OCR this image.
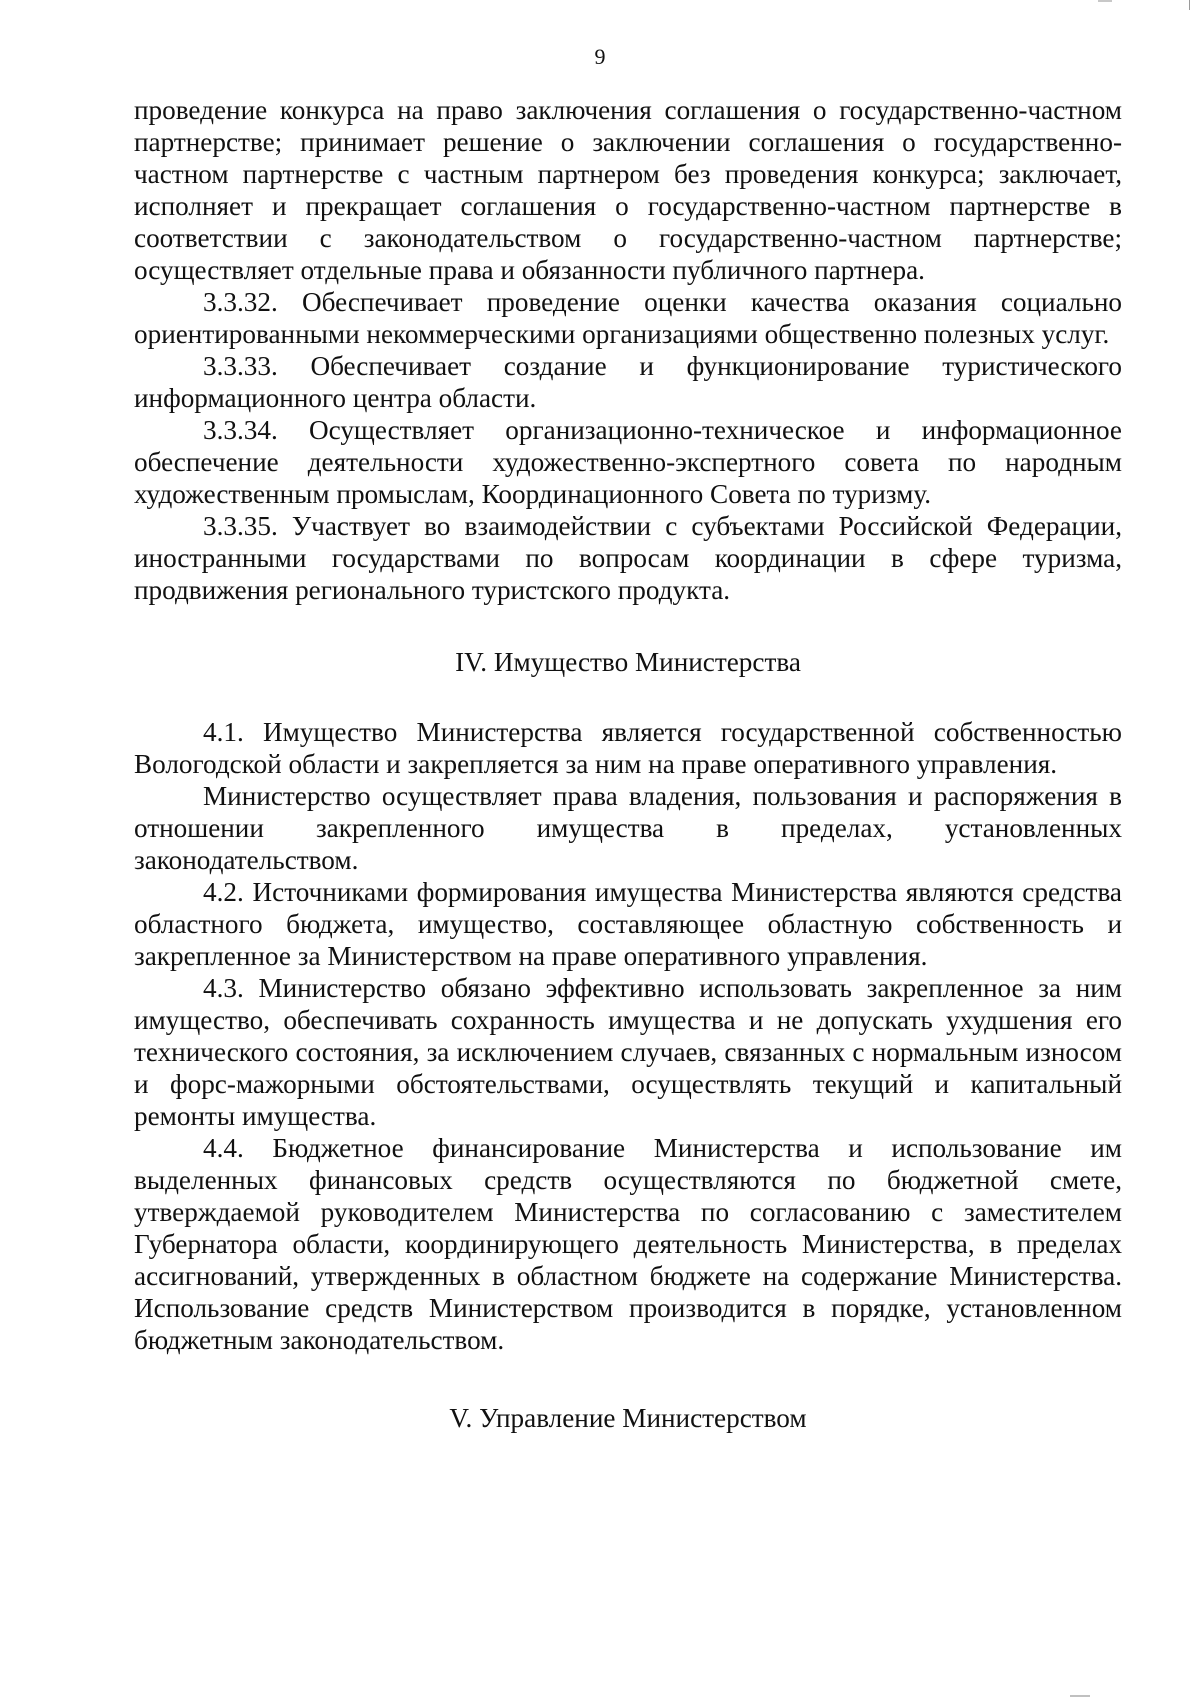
9

проведение конкурса на право заключения соглашения о государственно-частном партнерстве; принимает решение о заключении соглашения о государственно-частном партнерстве с частным партнером без проведения конкурса; заключает, исполняет и прекращает соглашения о государственно-частном партнерстве в соответствии с законодательством о государственно-частном партнерстве; осуществляет отдельные права и обязанности публичного партнера.

3.3.32. Обеспечивает проведение оценки качества оказания социально ориентированными некоммерческими организациями общественно полезных услуг.

3.3.33. Обеспечивает создание и функционирование туристического информационного центра области.

3.3.34. Осуществляет организационно-техническое и информационное обеспечение деятельности художественно-экспертного совета по народным художественным промыслам, Координационного Совета по туризму.

3.3.35. Участвует во взаимодействии с субъектами Российской Федерации, иностранными государствами по вопросам координации в сфере туризма, продвижения регионального туристского продукта.

IV. Имущество Министерства

4.1. Имущество Министерства является государственной собственностью Вологодской области и закрепляется за ним на праве оперативного управления.

Министерство осуществляет права владения, пользования и распоряжения в отношении закрепленного имущества в пределах, установленных законодательством.

4.2. Источниками формирования имущества Министерства являются средства областного бюджета, имущество, составляющее областную собственность и закрепленное за Министерством на праве оперативного управления.

4.3. Министерство обязано эффективно использовать закрепленное за ним имущество, обеспечивать сохранность имущества и не допускать ухудшения его технического состояния, за исключением случаев, связанных с нормальным износом и форс-мажорными обстоятельствами, осуществлять текущий и капитальный ремонты имущества.

4.4. Бюджетное финансирование Министерства и использование им выделенных финансовых средств осуществляются по бюджетной смете, утверждаемой руководителем Министерства по согласованию с заместителем Губернатора области, координирующего деятельность Министерства, в пределах ассигнований, утвержденных в областном бюджете на содержание Министерства. Использование средств Министерством производится в порядке, установленном бюджетным законодательством.

V. Управление Министерством
